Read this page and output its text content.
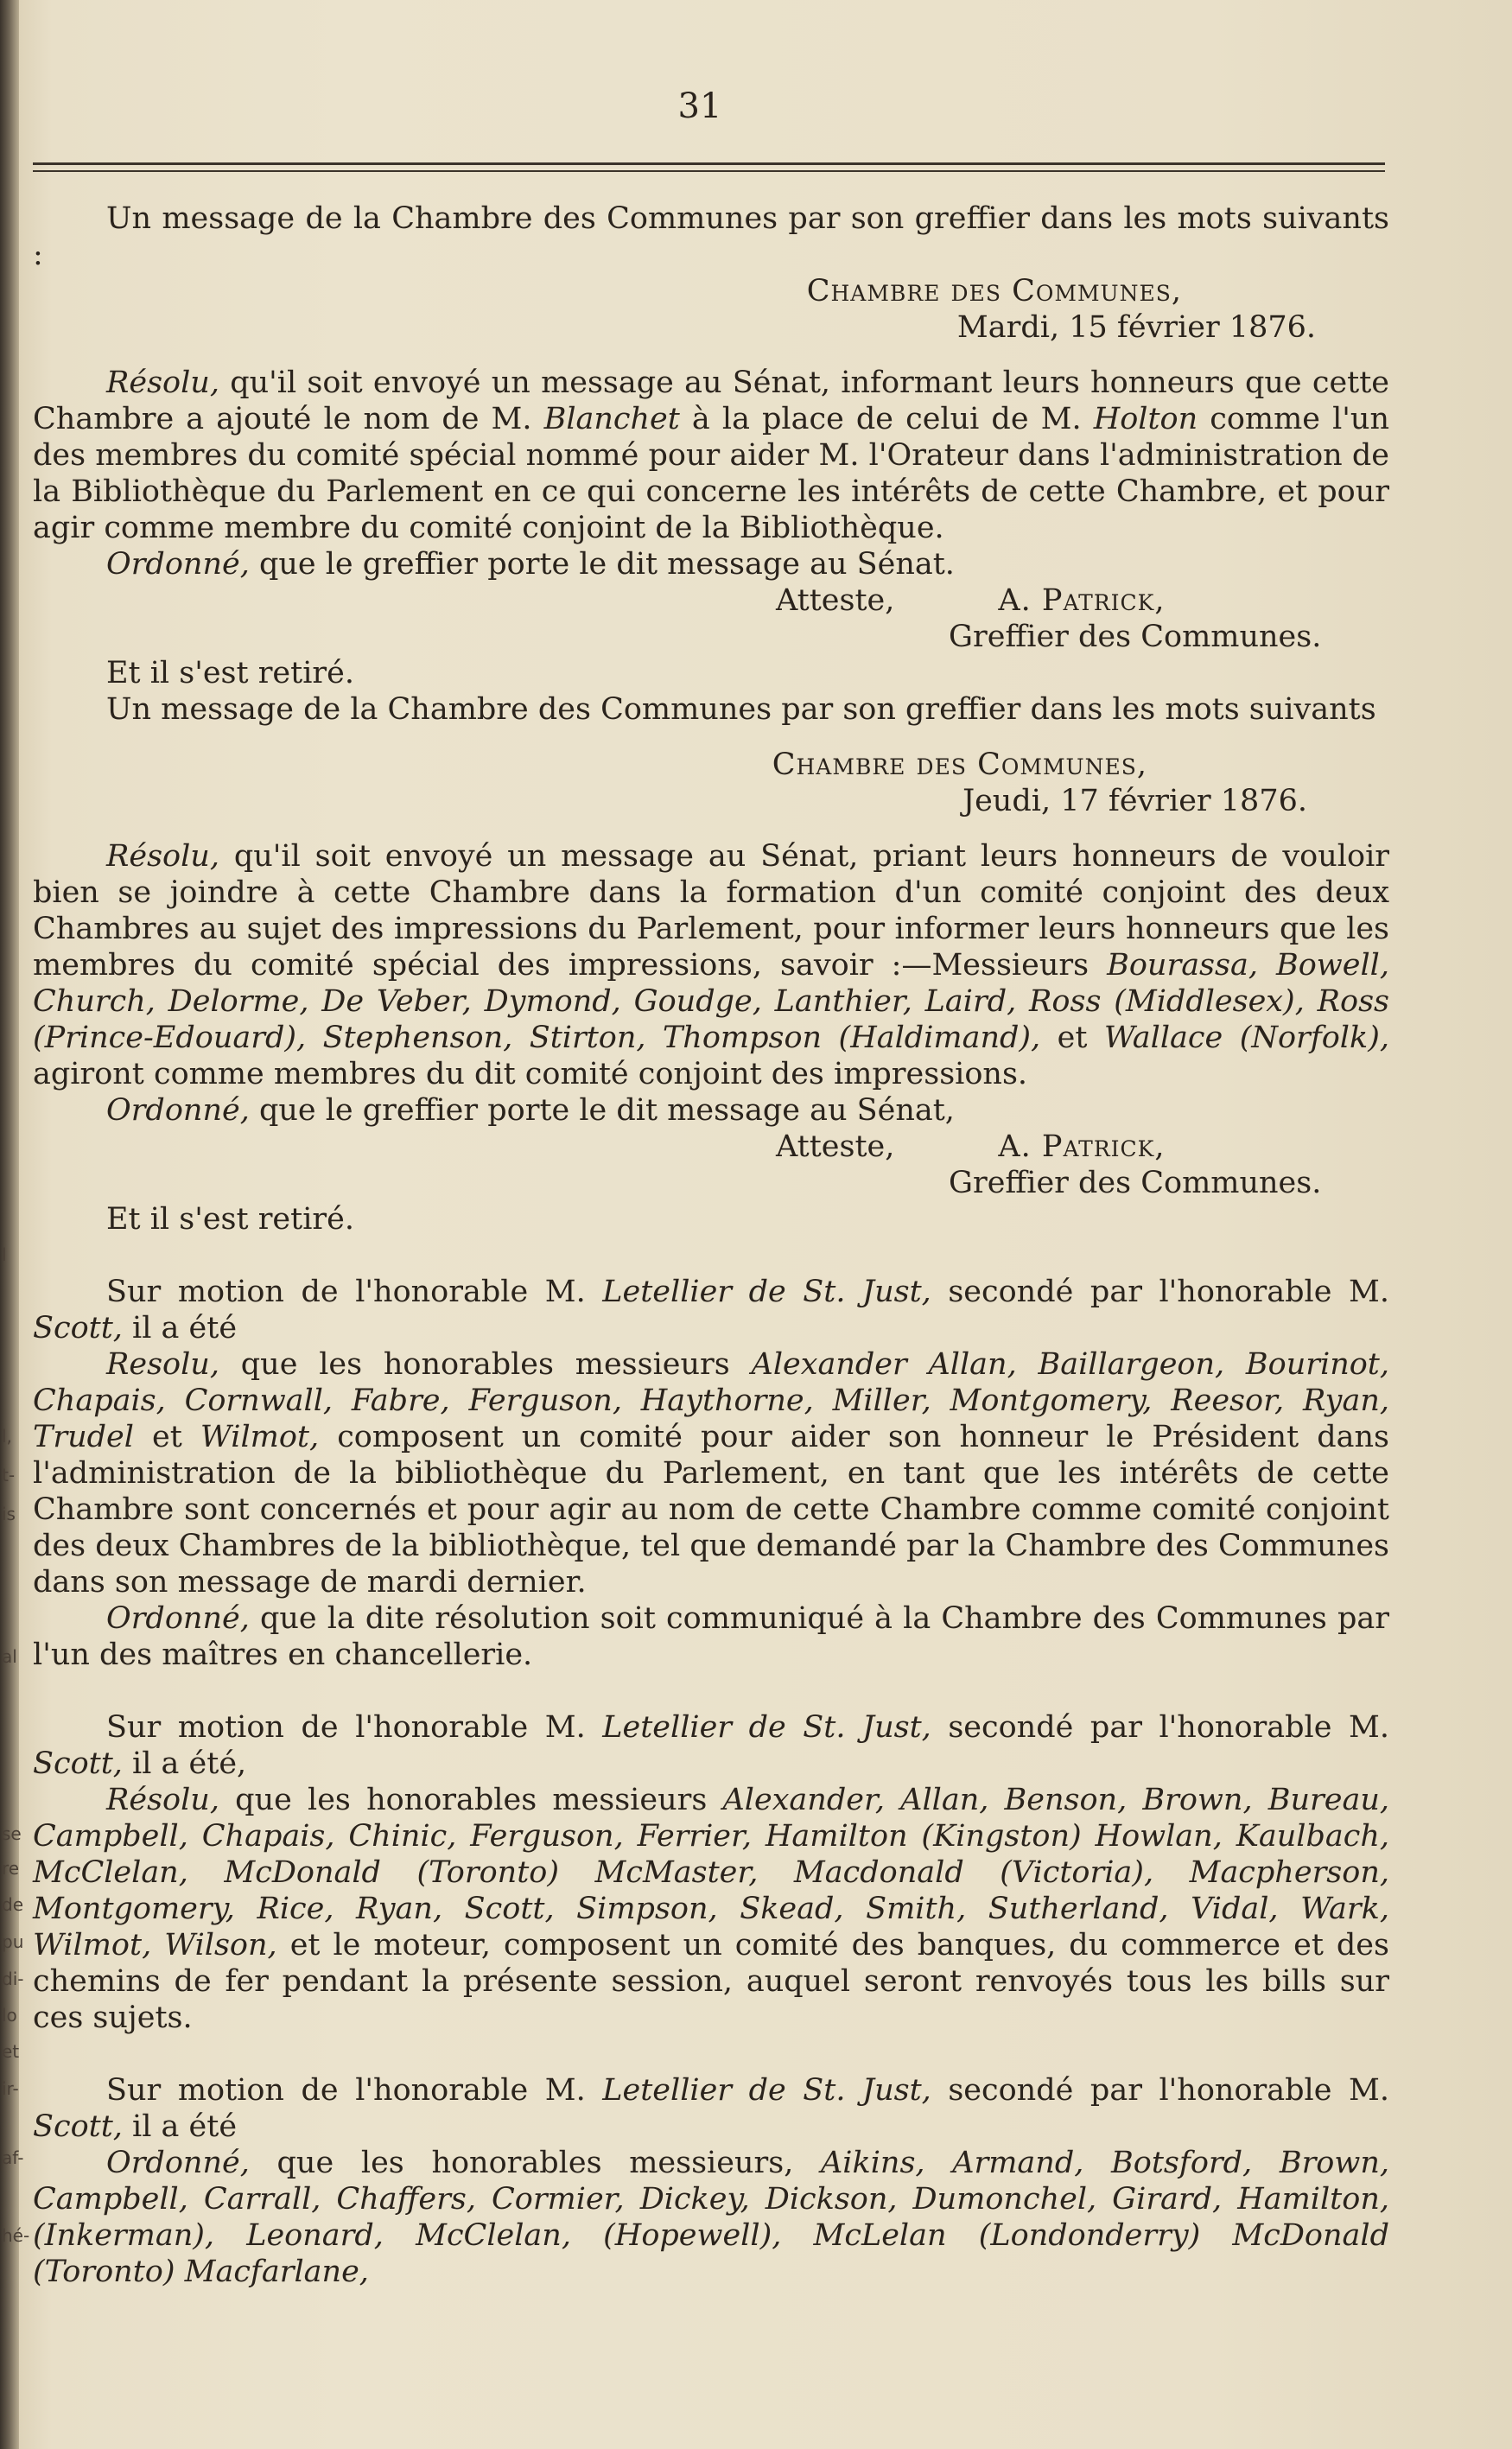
l
l,
t-
is
al
se
re
de
pu
di-
lo
et
ir-
af-
hé-
31

Un message de la Chambre des Communes par son greffier dans les mots suivants :

Chambre des Communes,

Mardi, 15 février 1876.

Résolu, qu'il soit envoyé un message au Sénat, informant leurs honneurs que cette Chambre a ajouté le nom de M. Blanchet à la place de celui de M. Holton comme l'un des membres du comité spécial nommé pour aider M. l'Orateur dans l'administration de la Bibliothèque du Parlement en ce qui concerne les intérêts de cette Chambre, et pour agir comme membre du comité conjoint de la Bibliothèque.

Ordonné, que le greffier porte le dit message au Sénat.

Atteste,	A. Patrick,

Greffier des Communes.

Et il s'est retiré.

Un message de la Chambre des Communes par son greffier dans les mots suivants

Chambre des Communes,

Jeudi, 17 février 1876.

Résolu, qu'il soit envoyé un message au Sénat, priant leurs honneurs de vouloir bien se joindre à cette Chambre dans la formation d'un comité conjoint des deux Chambres au sujet des impressions du Parlement, pour informer leurs honneurs que les membres du comité spécial des impressions, savoir :—Messieurs Bourassa, Bowell, Church, Delorme, De Veber, Dymond, Goudge, Lanthier, Laird, Ross (Middlesex), Ross (Prince-Edouard), Stephenson, Stirton, Thompson (Haldimand), et Wallace (Norfolk), agiront comme membres du dit comité conjoint des impressions.

Ordonné, que le greffier porte le dit message au Sénat,

Atteste,	A. Patrick,

Greffier des Communes.

Et il s'est retiré.

Sur motion de l'honorable M. Letellier de St. Just, secondé par l'honorable M. Scott, il a été

Resolu, que les honorables messieurs Alexander Allan, Baillargeon, Bourinot, Chapais, Cornwall, Fabre, Ferguson, Haythorne, Miller, Montgomery, Reesor, Ryan, Trudel et Wilmot, composent un comité pour aider son honneur le Président dans l'administration de la bibliothèque du Parlement, en tant que les intérêts de cette Chambre sont concernés et pour agir au nom de cette Chambre comme comité conjoint des deux Chambres de la bibliothèque, tel que demandé par la Chambre des Communes dans son message de mardi dernier.

Ordonné, que la dite résolution soit communiqué à la Chambre des Communes par l'un des maîtres en chancellerie.

Sur motion de l'honorable M. Letellier de St. Just, secondé par l'honorable M. Scott, il a été,

Résolu, que les honorables messieurs Alexander, Allan, Benson, Brown, Bureau, Campbell, Chapais, Chinic, Ferguson, Ferrier, Hamilton (Kingston) Howlan, Kaulbach, McClelan, McDonald (Toronto) McMaster, Macdonald (Victoria), Macpherson, Montgomery, Rice, Ryan, Scott, Simpson, Skead, Smith, Sutherland, Vidal, Wark, Wilmot, Wilson, et le moteur, composent un comité des banques, du commerce et des chemins de fer pendant la présente session, auquel seront renvoyés tous les bills sur ces sujets.

Sur motion de l'honorable M. Letellier de St. Just, secondé par l'honorable M. Scott, il a été

Ordonné, que les honorables messieurs, Aikins, Armand, Botsford, Brown, Campbell, Carrall, Chaffers, Cormier, Dickey, Dickson, Dumonchel, Girard, Hamilton, (Inkerman), Leonard, McClelan, (Hopewell), McLelan (Londonderry) McDonald (Toronto) Macfarlane,
